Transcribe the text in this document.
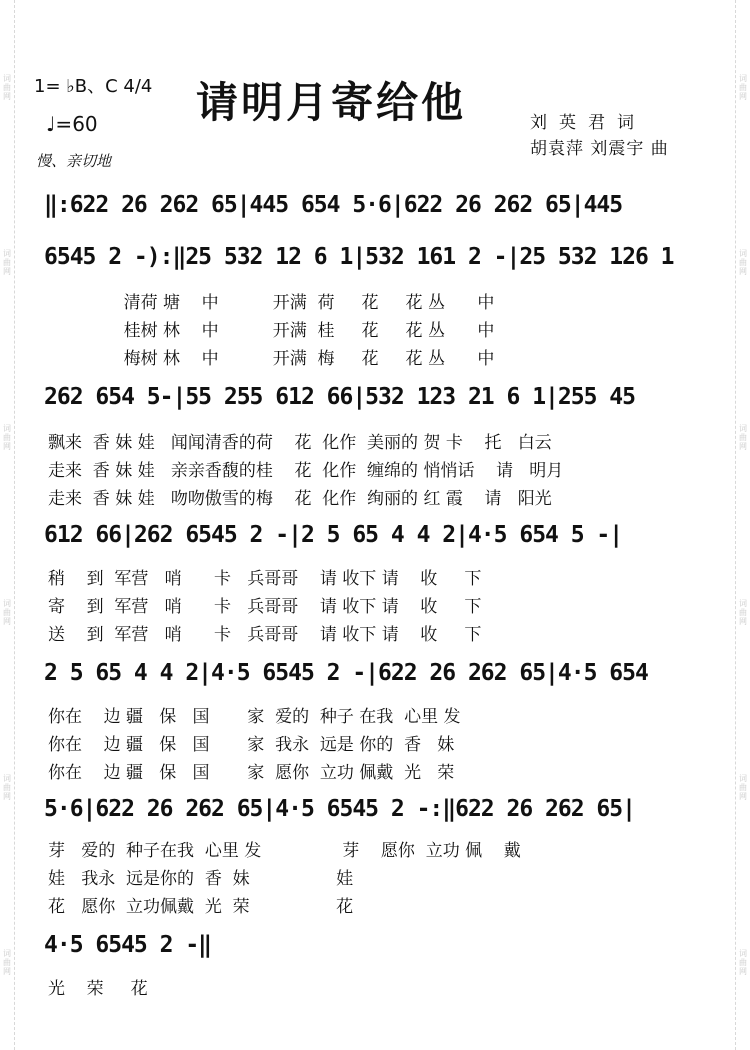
词曲网
词曲网
词曲网
词曲网
词曲网
词曲网
词曲网
词曲网
词曲网
词曲网
词曲网
词曲网
1= ♭B、C 4/4
♩=60
慢、亲切地
请明月寄给他	刘英君词
胡袁萍 刘震宇 曲
‖:622 26 262 65|445 654 5·6|622 26 262 65|445
6545 2 -):‖25 532 12 6 1|532 161 2 -|25 532 126 1
清荷 塘    中          开满  荷     花     花 丛      中
桂树 林    中          开满  桂     花     花 丛      中
梅树 林    中          开满  梅     花     花 丛      中
262 654 5-|55 255 612 66|532 123 21 6 1|255 45
飘来  香 妹 娃   闻闻清香的荷    花  化作  美丽的 贺 卡    托   白云
走来  香 妹 娃   亲亲香馥的桂    花  化作  缠绵的 悄悄话    请   明月
走来  香 妹 娃   吻吻傲雪的梅    花  化作  绚丽的 红 霞    请   阳光
612 66|262 6545 2 -|2 5 65 4 4 2|4·5 654 5 -|
稍    到  军营   哨      卡   兵哥哥    请 收下 请    收     下
寄    到  军营   哨      卡   兵哥哥    请 收下 请    收     下
送    到  军营   哨      卡   兵哥哥    请 收下 请    收     下
2 5 65 4 4 2|4·5 6545 2 -|622 26 262 65|4·5 654
你在    边 疆   保   国       家  爱的  种子 在我  心里 发
你在    边 疆   保   国       家  我永  远是 你的  香   妹
你在    边 疆   保   国       家  愿你  立功 佩戴  光   荣
5·6|622 26 262 65|4·5 6545 2 -:‖622 26 262 65|
芽   爱的  种子在我  心里 发               芽    愿你  立功 佩    戴
娃   我永  远是你的  香  妹                娃
花   愿你  立功佩戴  光  荣                花
4·5 6545 2 -‖
光    荣     花
